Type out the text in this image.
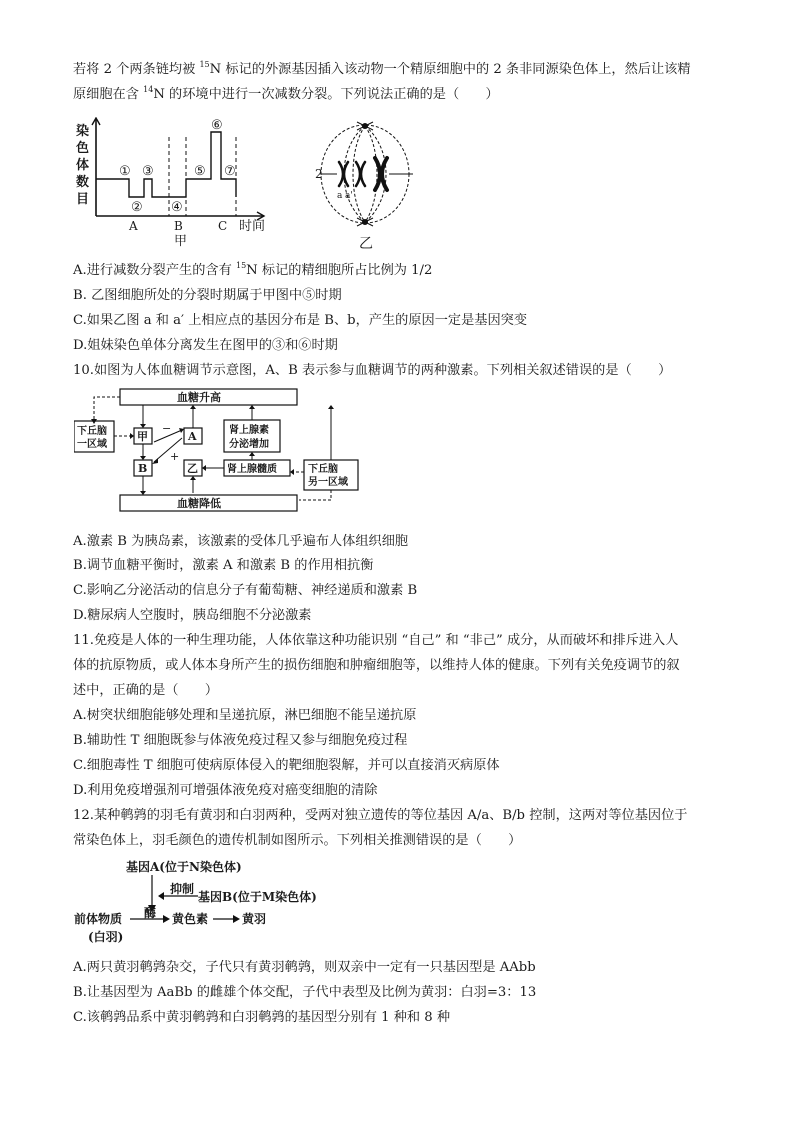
若将 2 个两条链均被 $^{15}$N 标记的外源基因插入该动物一个精原细胞中的 2 条非同源染色体上，然后让该精
原细胞在含 $^{14}$N 的环境中进行一次减数分裂。下列说法正确的是（　　）
染
色
体
数
目
①
②
③
④
⑤
⑥
⑦
A	B	C 时间
甲
2
a a'
乙
A.进行减数分裂产生的含有 $^{15}$N 标记的精细胞所占比例为 1/2
B. 乙图细胞所处的分裂时期属于甲图中⑤时期
C.如果乙图 a 和 a′ 上相应点的基因分布是 B、b，产生的原因一定是基因突变
D.姐妹染色单体分离发生在图甲的③和⑥时期
10.如图为人体血糖调节示意图，A、B 表示参与血糖调节的两种激素。下列相关叙述错误的是（　　）
血糖升高
血糖降低
下丘脑
一区域
甲
B
A
乙
肾上腺素
分泌增加
肾上腺髓质	下丘脑
另一区域
+
−
A.激素 B 为胰岛素，该激素的受体几乎遍布人体组织细胞
B.调节血糖平衡时，激素 A 和激素 B 的作用相抗衡
C.影响乙分泌活动的信息分子有葡萄糖、神经递质和激素 B
D.糖尿病人空腹时，胰岛细胞不分泌激素
11.免疫是人体的一种生理功能，人体依靠这种功能识别 “自己” 和 “非己” 成分，从而破坏和排斥进入人
体的抗原物质，或人体本身所产生的损伤细胞和肿瘤细胞等，以维持人体的健康。下列有关免疫调节的叙
述中，正确的是（　　）
A.树突状细胞能够处理和呈递抗原，淋巴细胞不能呈递抗原
B.辅助性 T 细胞既参与体液免疫过程又参与细胞免疫过程
C.细胞毒性 T 细胞可使病原体侵入的靶细胞裂解，并可以直接消灭病原体
D.利用免疫增强剂可增强体液免疫对癌变细胞的清除
12.某种鹌鹑的羽毛有黄羽和白羽两种，受两对独立遗传的等位基因 A/a、B/b 控制，这两对等位基因位于
常染色体上，羽毛颜色的遗传机制如图所示。下列相关推测错误的是（　　）
基因A(位于N染色体)
抑制
基因B(位于M染色体)
前体物质
(白羽)
酶 黄色素	黄羽
A.两只黄羽鹌鹑杂交，子代只有黄羽鹌鹑，则双亲中一定有一只基因型是 AAbb
B.让基因型为 AaBb 的雌雄个体交配，子代中表型及比例为黄羽：白羽=3：13
C.该鹌鹑品系中黄羽鹌鹑和白羽鹌鹑的基因型分别有 1 种和 8 种
